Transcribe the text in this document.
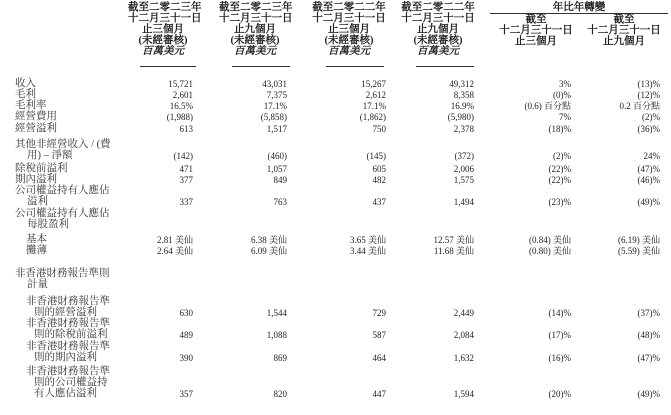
截至二零二三年
十二月三十一日
止三個月
(未經審核)
百萬美元
截至二零二三年
十二月三十一日
止九個月
(未經審核)
百萬美元
截至二零二二年
十二月三十一日
止三個月
(未經審核)
百萬美元
截至二零二二年
十二月三十一日
止九個月
(未經審核)
百萬美元
年比年轉變
截至
十二月三十一日
止三個月
截至
十二月三十一日
止九個月
收入	15,721	43,031	15,267	49,312	3%	(13)%
毛利	2,601	7,375	2,612	8,358	(0)%	(12)%
毛利率	16.5%	17.1%	17.1%	16.9%	(0.6) 百分點	0.2 百分點
經營費用	(1,988)	(5,858)	(1,862)	(5,980)	7%	(2)%
經營溢利	613	1,517	750	2,378	(18)%	(36)%
其他非經營收入 / (費
用) – 淨額	(142)	(460)	(145)	(372)	(2)%	24%
除稅前溢利	471	1,057	605	2,006	(22)%	(47)%
期內溢利	377	849	482	1,575	(22)%	(46)%
公司權益持有人應佔
溢利	337	763	437	1,494	(23)%	(49)%
公司權益持有人應佔
每股盈利
基本	2.81 美仙	6.38 美仙	3.65 美仙	12.57 美仙	(0.84) 美仙	(6.19) 美仙
攤薄	2.64 美仙	6.09 美仙	3.44 美仙	11.68 美仙	(0.80) 美仙	(5.59) 美仙
非香港財務報告準則
計量
非香港財務報告準
則的經營溢利	630	1,544	729	2,449	(14)%	(37)%
非香港財務報告準
則的除稅前溢利	489	1,088	587	2,084	(17)%	(48)%
非香港財務報告準
則的期內溢利	390	869	464	1,632	(16)%	(47)%
非香港財務報告準
則的公司權益持
有人應佔溢利	357	820	447	1,594	(20)%	(49)%
